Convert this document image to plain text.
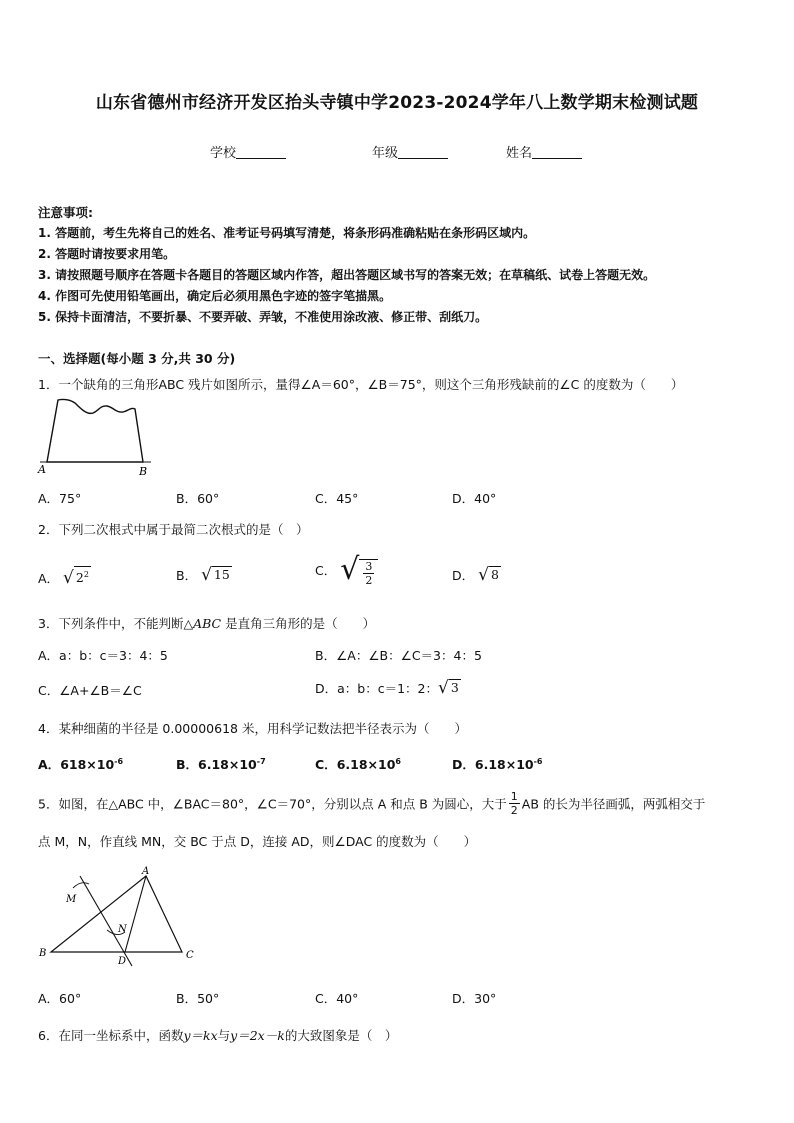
山东省德州市经济开发区抬头寺镇中学2023-2024学年八上数学期末检测试题
学校	年级	姓名
注意事项:
1. 答题前，考生先将自己的姓名、准考证号码填写清楚，将条形码准确粘贴在条形码区域内。
2. 答题时请按要求用笔。
3. 请按照题号顺序在答题卡各题目的答题区域内作答，超出答题区域书写的答案无效；在草稿纸、试卷上答题无效。
4. 作图可先使用铅笔画出，确定后必须用黑色字迹的签字笔描黑。
5. 保持卡面清洁，不要折暴、不要弄破、弄皱，不准使用涂改液、修正带、刮纸刀。
一、选择题(每小题 3 分,共 30 分)
1．一个缺角的三角形ABC 残片如图所示，量得∠A＝60°，∠B＝75°，则这个三角形残缺前的∠C 的度数为（　　）
A	B
A．75°	B．60°	C．45°	D．40°
2．下列二次根式中属于最简二次根式的是（　）
A． √ $2^2$	B． √ 15	C． √ $\frac{3}{2}$	D． √ 8
3．下列条件中，不能判断△ABC 是直角三角形的是（　　）
A．a：b：c＝3：4：5	B．∠A：∠B：∠C＝3：4：5
C．∠A+∠B＝∠C	D．a：b：c＝1：2： √ 3
4．某种细菌的半径是 0.00000618 米，用科学记数法把半径表示为（　　）
A．$618\times 10^{-6}$	B．$6.18\times 10^{-7}$	C．$6.18\times 10^6$	D．$6.18\times 10^{-6}$
5．如图，在△ABC 中，∠BAC＝80°，∠C＝70°，分别以点 A 和点 B 为圆心，大于 $\frac{1}{2}$ AB 的长为半径画弧，两弧相交于
点 M，N，作直线 MN，交 BC 于点 D，连接 AD，则∠DAC 的度数为（　　）
A
B	C
D
M
N
A．60°	B．50°	C．40°	D．30°
6．在同一坐标系中，函数y＝kx与y＝2x－k的大致图象是（　）
